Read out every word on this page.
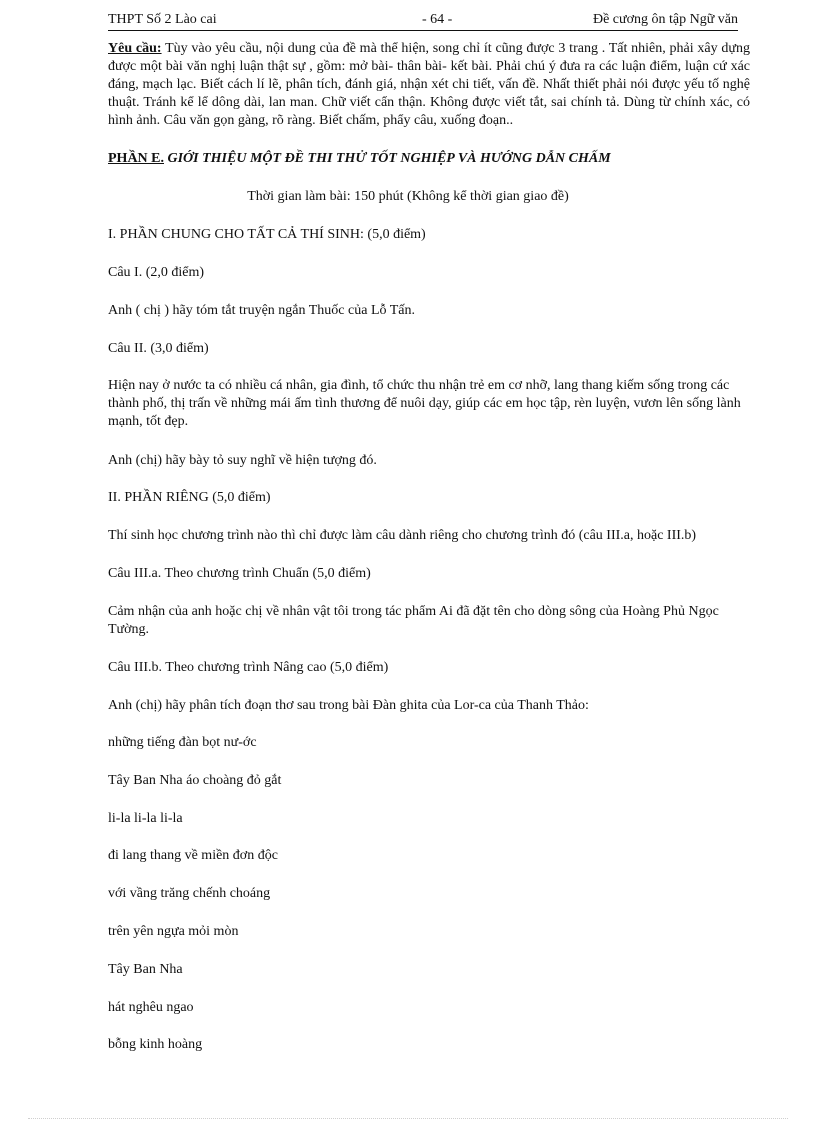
THPT Số 2 Lào cai	- 64 -	Đề cương ôn tập Ngữ văn

Yêu cầu: Tùy vào yêu cầu, nội dung của đề mà thể hiện, song chỉ ít cũng được 3 trang . Tất nhiên, phải xây dựng được một bài văn nghị luận thật sự , gồm: mở bài- thân bài- kết bài. Phải chú ý đưa ra các luận điểm, luận cứ xác đáng, mạch lạc. Biết cách lí lẽ, phân tích, đánh giá, nhận xét chi tiết, vấn đề. Nhất thiết phải nói được yếu tố nghệ thuật. Tránh kể lể dông dài, lan man. Chữ viết cẩn thận. Không được viết tắt, sai chính tả. Dùng từ chính xác, có hình ảnh. Câu văn gọn gàng, rõ ràng. Biết chấm, phẩy câu, xuống đoạn..

PHẦN E. GIỚI THIỆU MỘT ĐỀ THI THỬ TỐT NGHIỆP VÀ HƯỚNG DẪN CHẤM
Thời gian làm bài: 150 phút (Không kể thời gian giao đề)
I. PHẦN CHUNG CHO TẤT CẢ THÍ SINH: (5,0 điểm)
Câu I. (2,0 điểm)
Anh ( chị ) hãy tóm tắt truyện ngắn Thuốc của Lỗ Tấn.
Câu II. (3,0 điểm)
Hiện nay ở nước ta có nhiều cá nhân, gia đình, tổ chức thu nhận trẻ em cơ nhỡ, lang thang kiếm sống trong các thành phố, thị trấn về những mái ấm tình thương để nuôi dạy, giúp các em học tập, rèn luyện, vươn lên sống lành mạnh, tốt đẹp.
Anh (chị) hãy bày tỏ suy nghĩ về hiện tượng đó.
II. PHẦN RIÊNG (5,0 điểm)
Thí sinh học chương trình nào thì chỉ được làm câu dành riêng cho chương trình đó (câu III.a, hoặc III.b)
Câu III.a. Theo chương trình Chuẩn (5,0 điểm)
Cảm nhận của anh hoặc chị về nhân vật tôi trong tác phẩm Ai đã đặt tên cho dòng sông của Hoàng Phủ Ngọc Tường.
Câu III.b. Theo chương trình Nâng cao (5,0 điểm)
Anh (chị) hãy phân tích đoạn thơ sau trong bài Đàn ghita của Lor-ca của Thanh Thảo:
những tiếng đàn bọt nư-ớc
Tây Ban Nha áo choàng đỏ gắt
li-la li-la li-la
đi lang thang về miền đơn độc
với vầng trăng chếnh choáng
trên yên ngựa mỏi mòn
Tây Ban Nha
hát nghêu ngao
bỗng kinh hoàng
